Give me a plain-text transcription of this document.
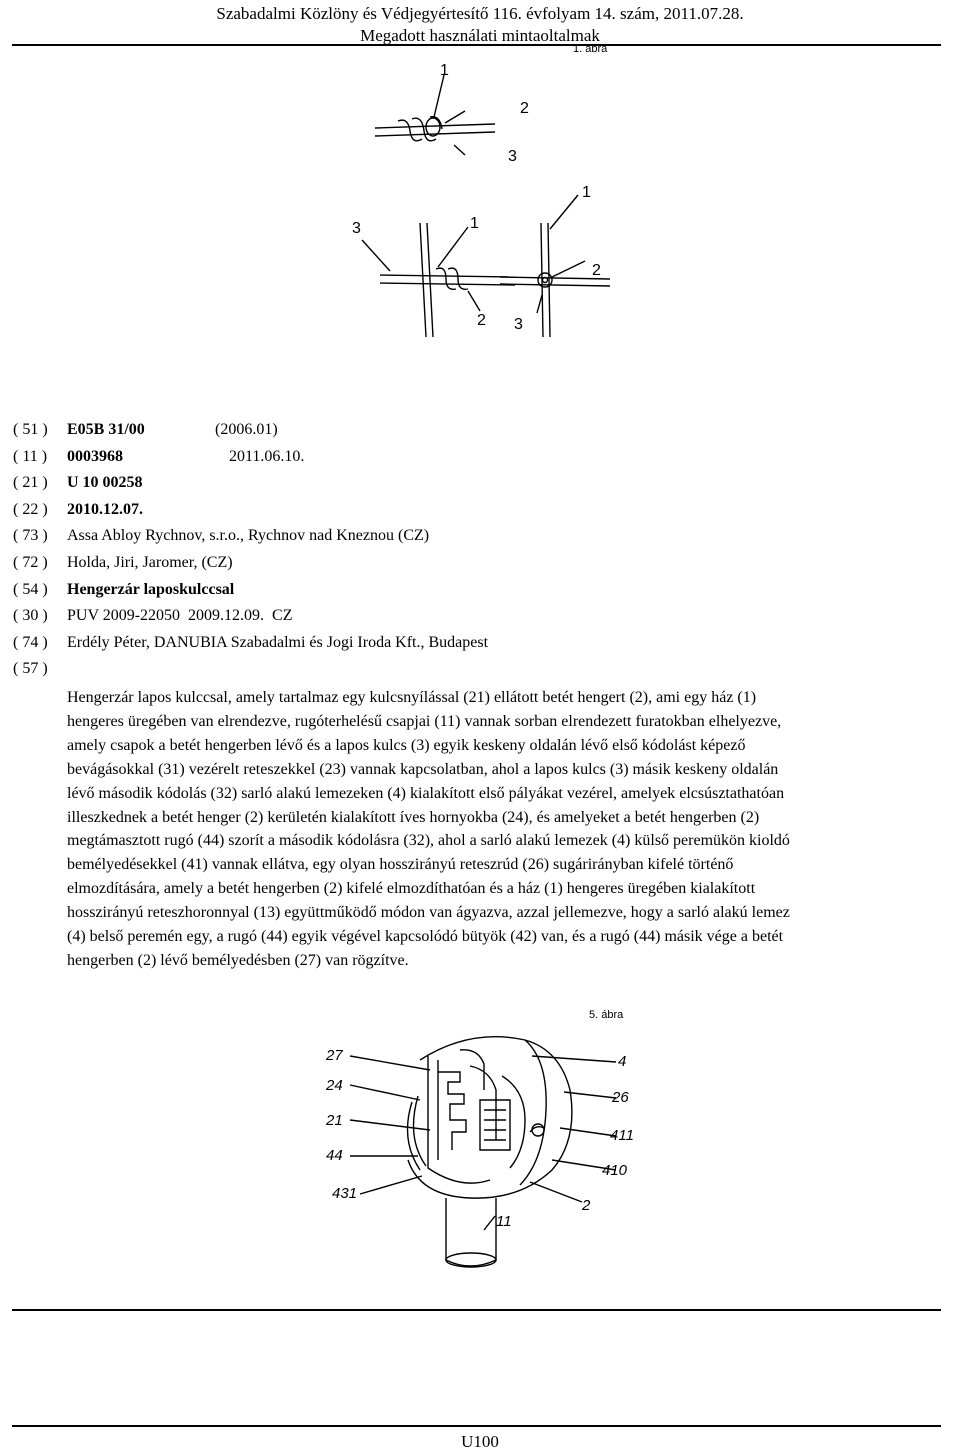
Szabadalmi Közlöny és Védjegyértesítő 116. évfolyam 14. szám, 2011.07.28.
Megadott használati mintaoltalmak
1. ábra
1
2
3
3	1
1
2
2 3
( 51 ) E05B 31/00	(2006.01)
( 11 ) 0003968	2011.06.10.
( 21 ) U 10 00258
( 22 ) 2010.12.07.
( 73 ) Assa Abloy Rychnov, s.r.o., Rychnov nad Kneznou (CZ)
( 72 ) Holda, Jiri, Jaromer, (CZ)
( 54 ) Hengerzár laposkulccsal
( 30 ) PUV 2009-22050  2009.12.09.  CZ
( 74 ) Erdély Péter, DANUBIA Szabadalmi és Jogi Iroda Kft., Budapest
( 57 )
Hengerzár lapos kulccsal, amely tartalmaz egy kulcsnyílással (21) ellátott betét hengert (2), ami egy ház (1)
hengeres üregében van elrendezve, rugóterhelésű csapjai (11) vannak sorban elrendezett furatokban elhelyezve,
amely csapok a betét hengerben lévő és a lapos kulcs (3) egyik keskeny oldalán lévő első kódolást képező
bevágásokkal (31) vezérelt reteszekkel (23) vannak kapcsolatban, ahol a lapos kulcs (3) másik keskeny oldalán
lévő második kódolás (32) sarló alakú lemezeken (4) kialakított első pályákat vezérel, amelyek elcsúsztathatóan
illeszkednek a betét henger (2) kerületén kialakított íves hornyokba (24), és amelyeket a betét hengerben (2)
megtámasztott rugó (44) szorít a második kódolásra (32), ahol a sarló alakú lemezek (4) külső peremükön kioldó
bemélyedésekkel (41) vannak ellátva, egy olyan hosszirányú reteszrúd (26) sugárirányban kifelé történő
elmozdítására, amely a betét hengerben (2) kifelé elmozdíthatóan és a ház (1) hengeres üregében kialakított
hosszirányú reteszhoronnyal (13) együttműködő módon van ágyazva, azzal jellemezve, hogy a sarló alakú lemez
(4) belső peremén egy, a rugó (44) egyik végével kapcsolódó bütyök (42) van, és a rugó (44) másik vége a betét
hengerben (2) lévő bemélyedésben (27) van rögzítve.
5. ábra
27
24
21
44
431
4
26
411
410
2
11
U100
